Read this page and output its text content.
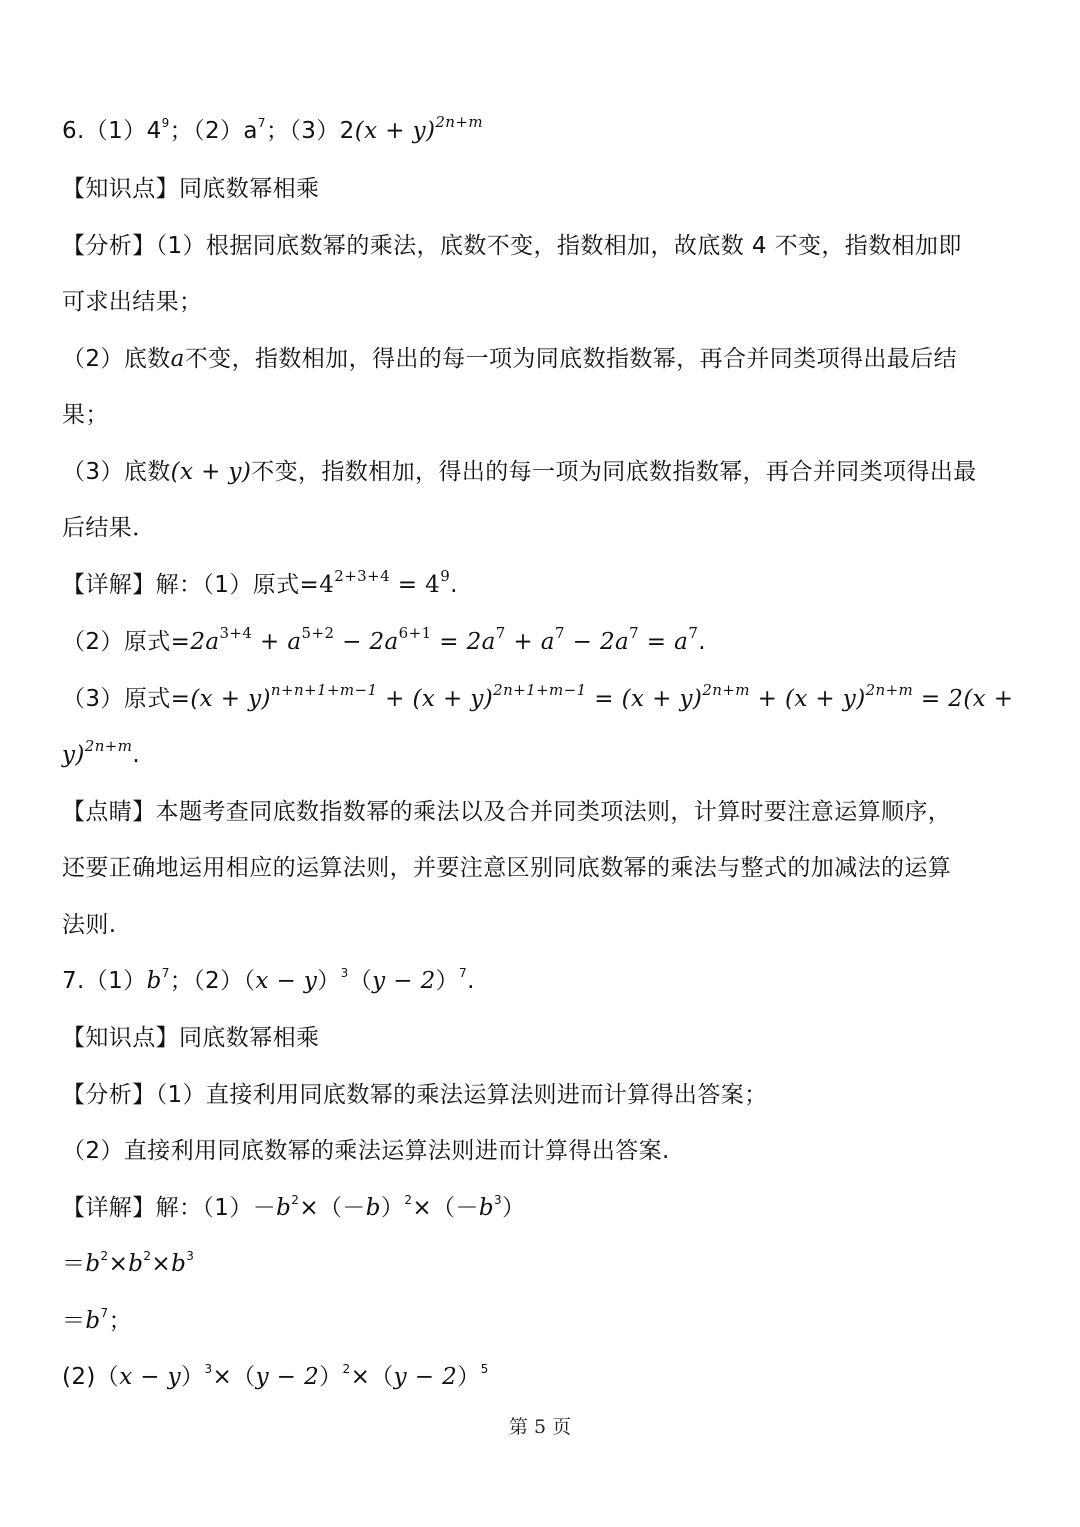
$6.(1)4^9$；$(2)a^7$；$(3)2(x + y)^{2n+m}$
【知识点】同底数幂相乘
【分析】（1）根据同底数幂的乘法，底数不变，指数相加，故底数 4 不变，指数相加即
可求出结果；
（2）底数a不变，指数相加，得出的每一项为同底数指数幂，再合并同类项得出最后结
果；
（3）底数(x + y)不变，指数相加，得出的每一项为同底数指数幂，再合并同类项得出最
后结果．
【详解】解：（1）原式$=4^{2+3+4} = 4^9$.
（2）原式$=2a^{3+4} + a^{5+2} - 2a^{6+1} = 2a^7 + a^7 - 2a^7 = a^7$.
（3）原式$=(x + y)^{n+n+1+m-1} + (x + y)^{2n+1+m-1} = (x + y)^{2n+m} + (x + y)^{2n+m} = 2(x$ +
y)$^{2n+m}$.
【点睛】本题考查同底数指数幂的乘法以及合并同类项法则，计算时要注意运算顺序，
还要正确地运用相应的运算法则，并要注意区别同底数幂的乘法与整式的加减法的运算
法则.
$7.(1)b^7$；$(2)(x - y)^3(y - 2)^7$.
【知识点】同底数幂相乘
【分析】（1）直接利用同底数幂的乘法运算法则进而计算得出答案；
（2）直接利用同底数幂的乘法运算法则进而计算得出答案.
【详解】解：$(1)-b^2\times(-b)^2\times(-b^3)$
$=b^2\times b^2\times b^3$
$=b^7$；
$(2)(x - y)^3\times(y - 2)^2\times(y - 2)^5$
第 5 页
